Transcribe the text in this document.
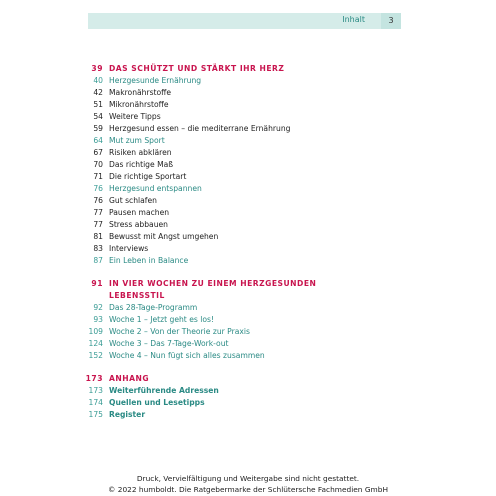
Inhalt	3
39 DAS SCHÜTZT UND STÄRKT IHR HERZ
40 Herzgesunde Ernährung
42 Makronährstoffe
51 Mikronährstoffe
54 Weitere Tipps
59 Herzgesund essen – die mediterrane Ernährung
64 Mut zum Sport
67 Risiken abklären
70 Das richtige Maß
71 Die richtige Sportart
76 Herzgesund entspannen
76 Gut schlafen
77 Pausen machen
77 Stress abbauen
81 Bewusst mit Angst umgehen
83 Interviews
87 Ein Leben in Balance
91 IN VIER WOCHEN ZU EINEM HERZGESUNDEN
LEBENSSTIL
92 Das 28-Tage-Programm
93 Woche 1 – Jetzt geht es los!
109 Woche 2 – Von der Theorie zur Praxis
124 Woche 3 – Das 7-Tage-Work-out
152 Woche 4 – Nun fügt sich alles zusammen
173 ANHANG
173 Weiterführende Adressen
174 Quellen und Lesetipps
175 Register
Druck, Vervielfältigung und Weitergabe sind nicht gestattet.
© 2022 humboldt. Die Ratgebermarke der Schlütersche Fachmedien GmbH
